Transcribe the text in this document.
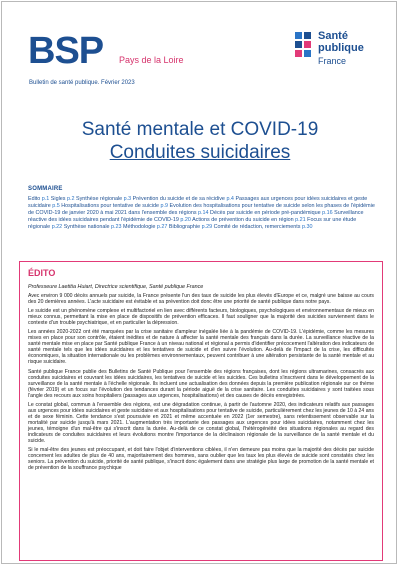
BSP Pays de la Loire
Bulletin de santé publique. Février 2023
Santé
publique
France
Santé mentale et COVID-19
Conduites suicidaires
SOMMAIRE
Edito p.1 Sigles p.2 Synthèse régionale p.3 Prévention du suicide et de sa récidive p.4 Passages aux urgences pour idées suicidaires et geste suicidaire p.5 Hospitalisations pour tentative de suicide p.9 Evolution des hospitalisations pour tentative de suicide selon les phases de l'épidémie de COVID-19 de janvier 2020 à mai 2021 dans l'ensemble des régions p.14 Décès par suicide en période pré-pandémique p.16 Surveillance réactive des idées suicidaires pendant l'épidémie de COVID-19 p.20 Actions de prévention du suicide en région p.21 Focus sur une étude régionale p.22 Synthèse nationale p.23 Méthodologie p.27 Bibliographie p.29 Comité de rédaction, remerciements p.30
ÉDITO
Professeure Laetitia Huiart, Directrice scientifique, Santé publique France

Avec environ 9 000 décès annuels par suicide, la France présente l'un des taux de suicide les plus élevés d'Europe et ce, malgré une baisse au cours des 20 dernières années. L'acte suicidaire est évitable et sa prévention doit donc être une priorité de santé publique dans notre pays.

Le suicide est un phénomène complexe et multifactoriel en lien avec différents facteurs, biologiques, psychologiques et environnementaux de mieux en mieux connus, permettant la mise en place de dispositifs de prévention efficaces. Il faut souligner que la majorité des suicides surviennent dans le contexte d'un trouble psychiatrique, et en particulier la dépression.

Les années 2020-2022 ont été marquées par la crise sanitaire d'ampleur inégalée liée à la pandémie de COVID-19. L'épidémie, comme les mesures mises en place pour son contrôle, étaient inédites et de nature à affecter la santé mentale des français dans la durée. La surveillance réactive de la santé mentale mise en place par Santé publique France à un niveau national et régional a permis d'identifier précocement l'altération des indicateurs de santé mentale tels que les idées suicidaires et les tentatives de suicide et d'en suivre l'évolution. Au-delà de l'impact de la crise, les difficultés économiques, la situation internationale ou les problèmes environnementaux, peuvent contribuer à une altération persistante de la santé mentale et au risque suicidaire.

Santé publique France publie des Bulletins de Santé Publique pour l'ensemble des régions françaises, dont les régions ultramarines, consacrés aux conduites suicidaires et couvrant les idées suicidaires, les tentatives de suicide et les suicides. Ces bulletins s'inscrivent dans le développement de la surveillance de la santé mentale à l'échelle régionale. Ils incluent une actualisation des données depuis la première publication régionale sur ce thème (février 2019) et un focus sur l'évolution des tendances durant la période aiguë de la crise sanitaire. Les conduites suicidaires y sont traitées sous l'angle des recours aux soins hospitaliers (passages aux urgences, hospitalisations) et des causes de décès enregistrées.

Le constat global, commun à l'ensemble des régions, est une dégradation continue, à partir de l'automne 2020, des indicateurs relatifs aux passages aux urgences pour idées suicidaires et geste suicidaire et aux hospitalisations pour tentative de suicide, particulièrement chez les jeunes de 10 à 24 ans et de sexe féminin. Cette tendance s'est poursuivie en 2021 et même accentuée en 2022 (1er semestre), sans retentissement observable sur la mortalité par suicide jusqu'à mars 2021. L'augmentation très importante des passages aux urgences pour idées suicidaires, notamment chez les jeunes, témoigne d'un mal-être qui s'inscrit dans la durée. Au-delà de ce constat global, l'hétérogénéité des situations régionales au regard des indicateurs de conduites suicidaires et leurs évolutions montre l'importance de la déclinaison régionale de la surveillance de la santé mentale et du suicide.

Si le mal-être des jeunes est préoccupant, et doit faire l'objet d'interventions ciblées, il n'en demeure pas moins que la majorité des décès par suicide concernent les adultes de plus de 40 ans, majoritairement des hommes, sans oublier que les taux les plus élevés de suicide sont constatés chez les seniors. La prévention du suicide, priorité de santé publique, s'inscrit donc également dans une stratégie plus large de promotion de la santé mentale et de prévention de la souffrance psychique
